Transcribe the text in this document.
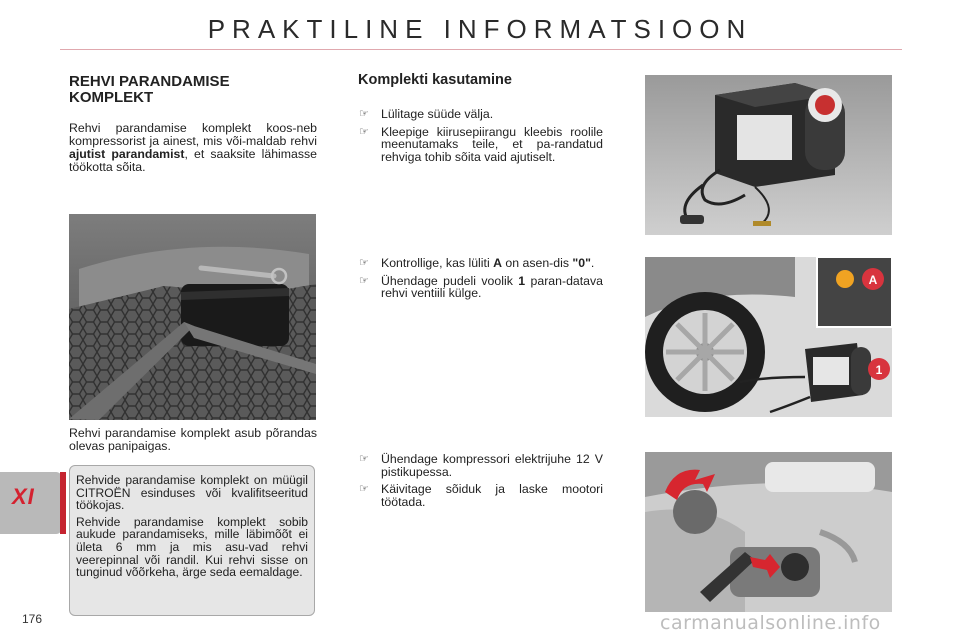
PRAKTILINE INFORMATSIOON
REHVI PARANDAMISE KOMPLEKT

Rehvi parandamise komplekt koos-neb kompressorist ja ainest, mis või-maldab rehvi ajutist parandamist, et saaksite lähimasse töökotta sõita.

Rehvi parandamise komplekt asub põrandas olevas panipaigas.

Rehvide parandamise komplekt on müügil CITROËN esinduses või kvalifitseeritud töökojas.

Rehvide parandamise komplekt sobib aukude parandamiseks, mille läbimõõt ei ületa 6 mm ja mis asu-vad rehvi veerepinnal või randil. Kui rehvi sisse on tunginud võõrkeha, ärge seda eemaldage.

XI
176
Komplekti kasutamine
☞ Lülitage süüde välja.
☞ Kleepige kiirusepiirangu kleebis roolile meenutamaks teile, et pa-randatud rehviga tohib sõita vaid ajutiselt.
☞ Kontrollige, kas lüliti A on asen-dis "0".
☞ Ühendage pudeli voolik 1 paran-datava rehvi ventiili külge.
☞ Ühendage kompressori elektrijuhe 12 V pistikupessa.
☞ Käivitage sõiduk ja laske mootori töötada.
A
1
carmanualsonline.info
